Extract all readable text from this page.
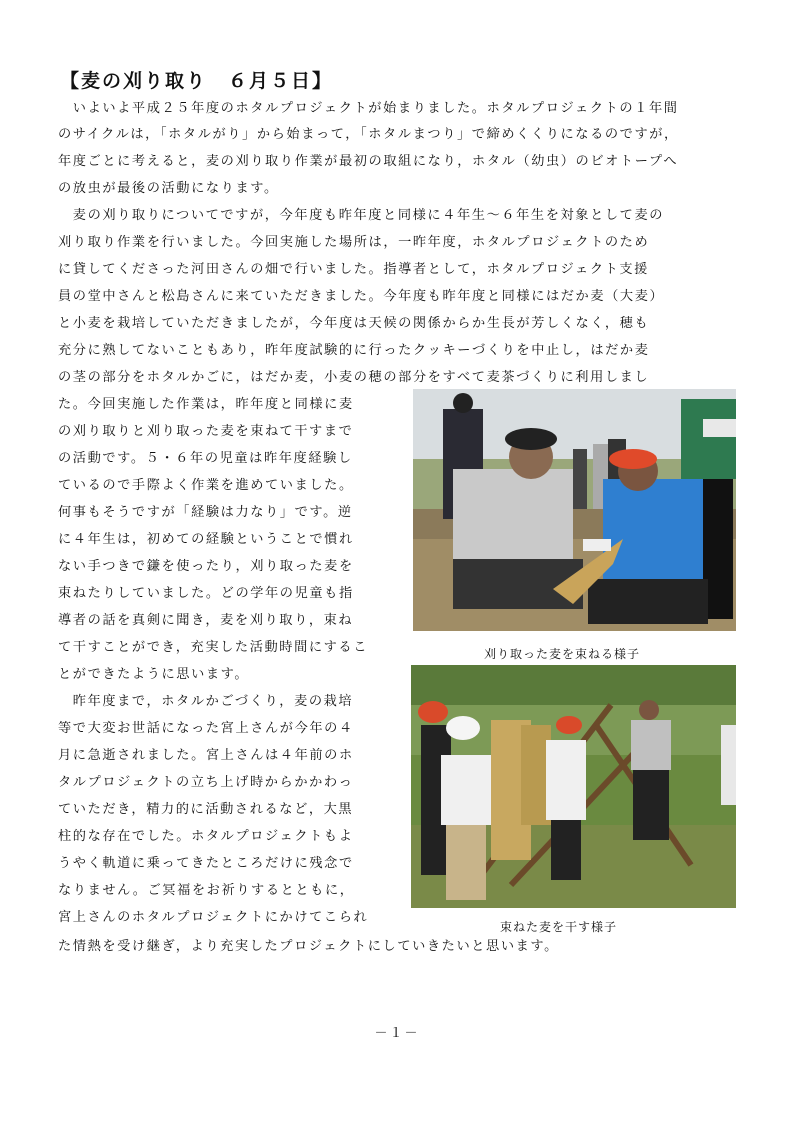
【麦の刈り取り　６月５日】
　いよいよ平成２５年度のホタルプロジェクトが始まりました。ホタルプロジェクトの１年間
のサイクルは，「ホタルがり」から始まって，「ホタルまつり」で締めくくりになるのですが，
年度ごとに考えると，麦の刈り取り作業が最初の取組になり，ホタル（幼虫）のビオトープへ
の放虫が最後の活動になります。
　麦の刈り取りについてですが，今年度も昨年度と同様に４年生～６年生を対象として麦の
刈り取り作業を行いました。今回実施した場所は，一昨年度，ホタルプロジェクトのため
に貸してくださった河田さんの畑で行いました。指導者として，ホタルプロジェクト支援
員の堂中さんと松島さんに来ていただきました。今年度も昨年度と同様にはだか麦（大麦）
と小麦を栽培していただきましたが，今年度は天候の関係からか生長が芳しくなく，穂も
充分に熟してないこともあり，昨年度試験的に行ったクッキーづくりを中止し，はだか麦
の茎の部分をホタルかごに，はだか麦，小麦の穂の部分をすべて麦茶づくりに利用しまし
た。今回実施した作業は，昨年度と同様に麦
の刈り取りと刈り取った麦を束ねて干すまで
の活動です。５・６年の児童は昨年度経験し
ているので手際よく作業を進めていました。
何事もそうですが「経験は力なり」です。逆
に４年生は，初めての経験ということで慣れ
ない手つきで鎌を使ったり，刈り取った麦を
束ねたりしていました。どの学年の児童も指
導者の話を真剣に聞き，麦を刈り取り，束ね
て干すことができ，充実した活動時間にするこ
とができたように思います。
　昨年度まで，ホタルかごづくり，麦の栽培
等で大変お世話になった宮上さんが今年の４
月に急逝されました。宮上さんは４年前のホ
タルプロジェクトの立ち上げ時からかかわっ
ていただき，精力的に活動されるなど，大黒
柱的な存在でした。ホタルプロジェクトもよ
うやく軌道に乗ってきたところだけに残念で
なりません。ご冥福をお祈りするとともに，
宮上さんのホタルプロジェクトにかけてこられ
た情熱を受け継ぎ，より充実したプロジェクトにしていきたいと思います。
刈り取った麦を束ねる様子
束ねた麦を干す様子
－１－
